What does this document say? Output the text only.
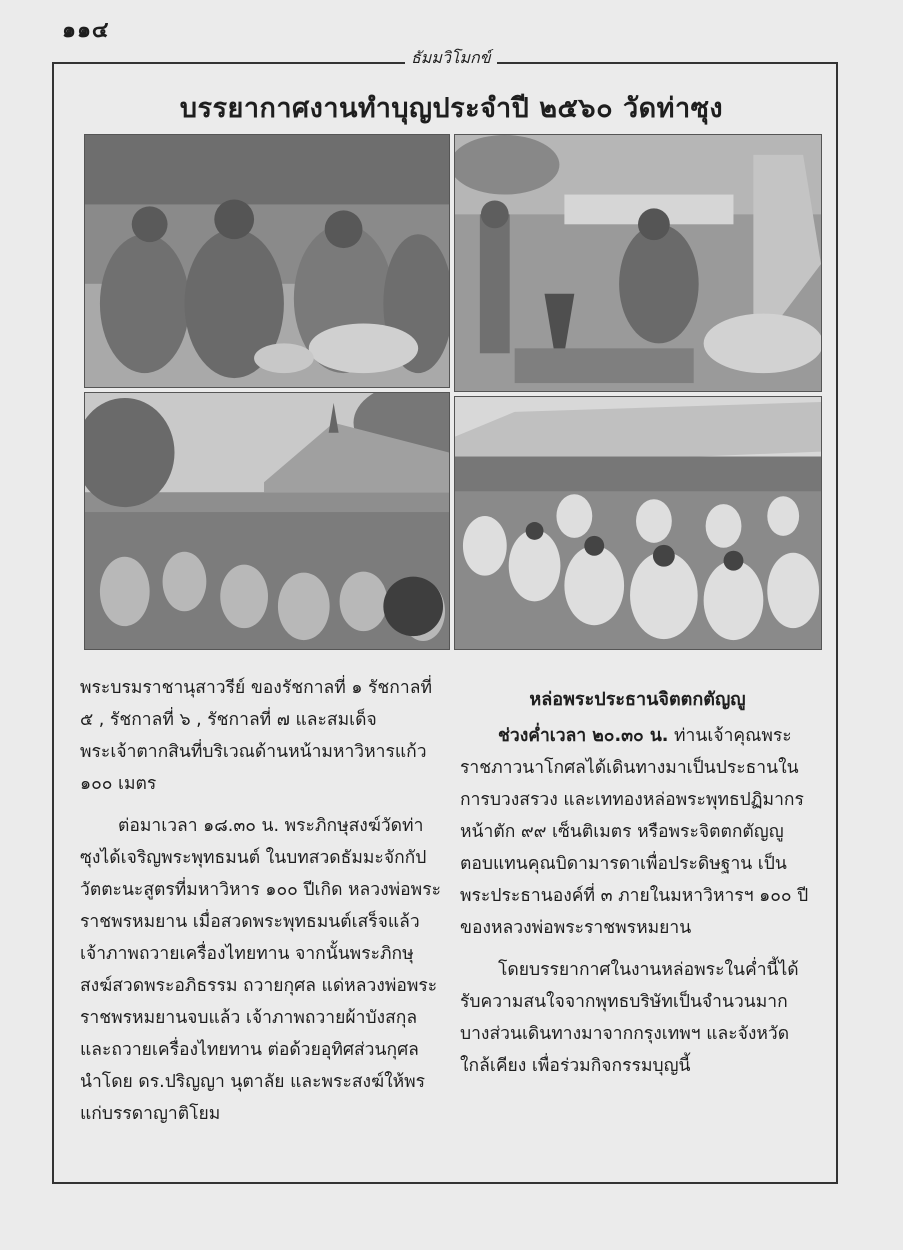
๑๑๔
ธัมมวิโมกข์
บรรยากาศงานทำบุญประจำปี ๒๕๖๐ วัดท่าซุง

พระบรมราชานุสาวรีย์ ของรัชกาลที่ ๑ รัชกาลที่ ๕ , รัชกาลที่ ๖ , รัชกาลที่ ๗ และสมเด็จพระเจ้าตากสินที่บริเวณด้านหน้ามหาวิหารแก้ว ๑๐๐ เมตร

ต่อมาเวลา ๑๘.๓๐ น. พระภิกษุสงฆ์วัดท่าซุงได้เจริญพระพุทธมนต์ ในบทสวดธัมมะจักกัปวัตตะนะสูตรที่มหาวิหาร ๑๐๐ ปีเกิด หลวงพ่อพระราชพรหมยาน เมื่อสวดพระพุทธมนต์เสร็จแล้วเจ้าภาพถวายเครื่องไทยทาน จากนั้นพระภิกษุสงฆ์สวดพระอภิธรรม ถวายกุศล แด่หลวงพ่อพระราชพรหมยานจบแล้ว เจ้าภาพถวายผ้าบังสกุลและถวายเครื่องไทยทาน ต่อด้วยอุทิศส่วนกุศล นำโดย ดร.ปริญญา นุตาลัย และพระสงฆ์ให้พรแก่บรรดาญาติโยม

หล่อพระประธานจิตตกตัญญู

ช่วงค่ำเวลา ๒๐.๓๐ น. ท่านเจ้าคุณพระราชภาวนาโกศลได้เดินทางมาเป็นประธานในการบวงสรวง และเททองหล่อพระพุทธปฏิมากรหน้าตัก ๙๙ เซ็นติเมตร หรือพระจิตตกตัญญูตอบแทนคุณบิดามารดาเพื่อประดิษฐาน เป็นพระประธานองค์ที่ ๓ ภายในมหาวิหารฯ ๑๐๐ ปีของหลวงพ่อพระราชพรหมยาน

โดยบรรยากาศในงานหล่อพระในค่ำนี้ได้รับความสนใจจากพุทธบริษัทเป็นจำนวนมาก บางส่วนเดินทางมาจากกรุงเทพฯ และจังหวัดใกล้เคียง เพื่อร่วมกิจกรรมบุญนี้
